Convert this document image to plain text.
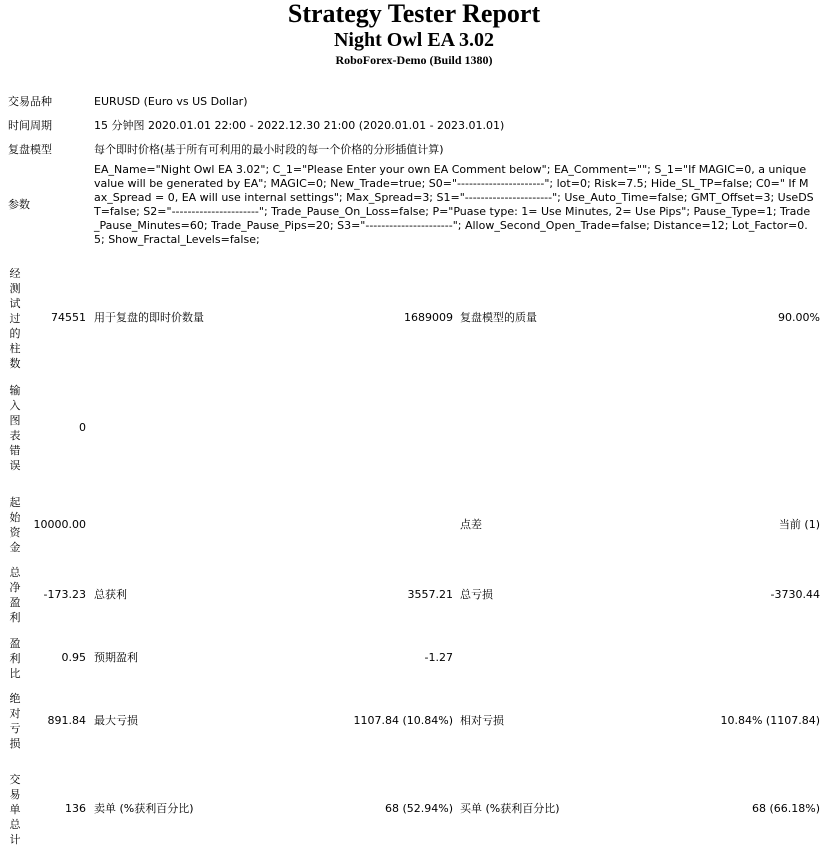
Strategy Tester Report
Night Owl EA 3.02
RoboForex-Demo (Build 1380)
交易品种	EURUSD (Euro vs US Dollar)
时间周期	15 分钟图 2020.01.01 22:00 - 2022.12.30 21:00 (2020.01.01 - 2023.01.01)
复盘模型	每个即时价格(基于所有可利用的最小时段的每一个价格的分形插值计算)
参数
EA_Name="Night Owl EA 3.02"; C_1="Please Enter your own EA Comment below"; EA_Comment=""; S_1="If MAGIC=0, a unique value will be generated by EA"; MAGIC=0; New_Trade=true; S0="----------------------"; lot=0; Risk=7.5; Hide_SL_TP=false; C0=" If Max_Spread = 0, EA will use internal settings"; Max_Spread=3; S1="----------------------"; Use_Auto_Time=false; GMT_Offset=3; UseDST=false; S2="----------------------"; Trade_Pause_On_Loss=false; P="Puase type: 1= Use Minutes, 2= Use Pips"; Pause_Type=1; Trade_Pause_Minutes=60; Trade_Pause_Pips=20; S3="----------------------"; Allow_Second_Open_Trade=false; Distance=12; Lot_Factor=0.5; Show_Fractal_Levels=false;
经
测
试
过
的
柱
数
74551 用于复盘的即时价数量	1689009 复盘模型的质量	90.00%
输
入
图
表
错
误
0
起
始
资
金
10000.00	点差	当前 (1)
总
净
盈
利
-173.23 总获利	3557.21 总亏损	-3730.44
盈
利
比
0.95 预期盈利	-1.27
绝
对
亏
损
891.84 最大亏损	1107.84 (10.84%) 相对亏损	10.84% (1107.84)
交
易
单
总
计
136 卖单 (%获利百分比)	68 (52.94%) 买单 (%获利百分比)	68 (66.18%)
